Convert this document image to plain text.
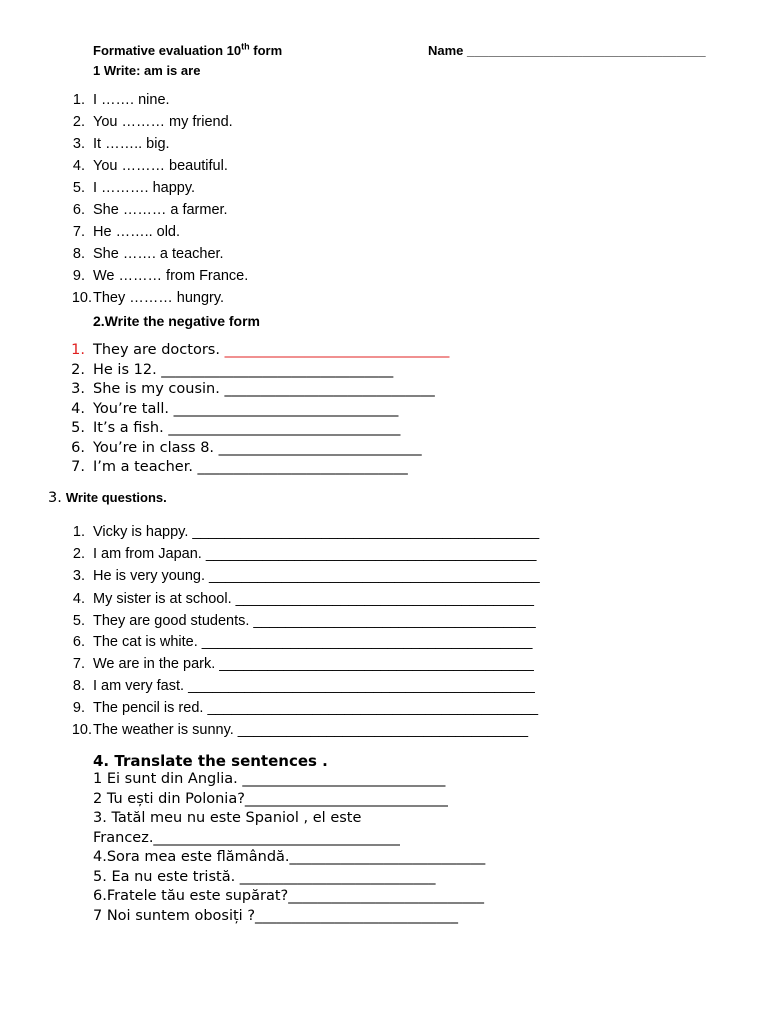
Formative evaluation 10th form	Name _________________________________
1 Write: am is are
1. I ……. nine.
2. You ……… my friend.
3. It …….. big.
4. You ……… beautiful.
5. I ………. happy.
6. She ……… a farmer.
7. He …….. old.
8. She ……. a teacher.
9. We ……… from France.
10.They ……… hungry.
2.Write the negative form
1. They are doctors. _______________________________
2. He is 12. ________________________________
3. She is my cousin. _____________________________
4. You’re tall. _______________________________
5. It’s a fish. ________________________________
6. You’re in class 8. ____________________________
7. I’m a teacher. _____________________________
3. Write questions.
1. Vicky is happy. ___________________________________________
2. I am from Japan. _________________________________________
3. He is very young. _________________________________________
4. My sister is at school. _____________________________________
5. They are good students. ___________________________________
6. The cat is white. _________________________________________
7. We are in the park. _______________________________________
8. I am very fast. ___________________________________________
9. The pencil is red. _________________________________________
10.The weather is sunny. ____________________________________
4. Translate the sentences .
1 Ei sunt din Anglia. ____________________________
2 Tu ești din Polonia?____________________________
3. Tatăl meu nu este Spaniol , el este
Francez.__________________________________
4.Sora mea este flămândă.___________________________
5. Ea nu este tristă. ___________________________
6.Fratele tău este supărat?___________________________
7 Noi suntem obosiți ?____________________________
